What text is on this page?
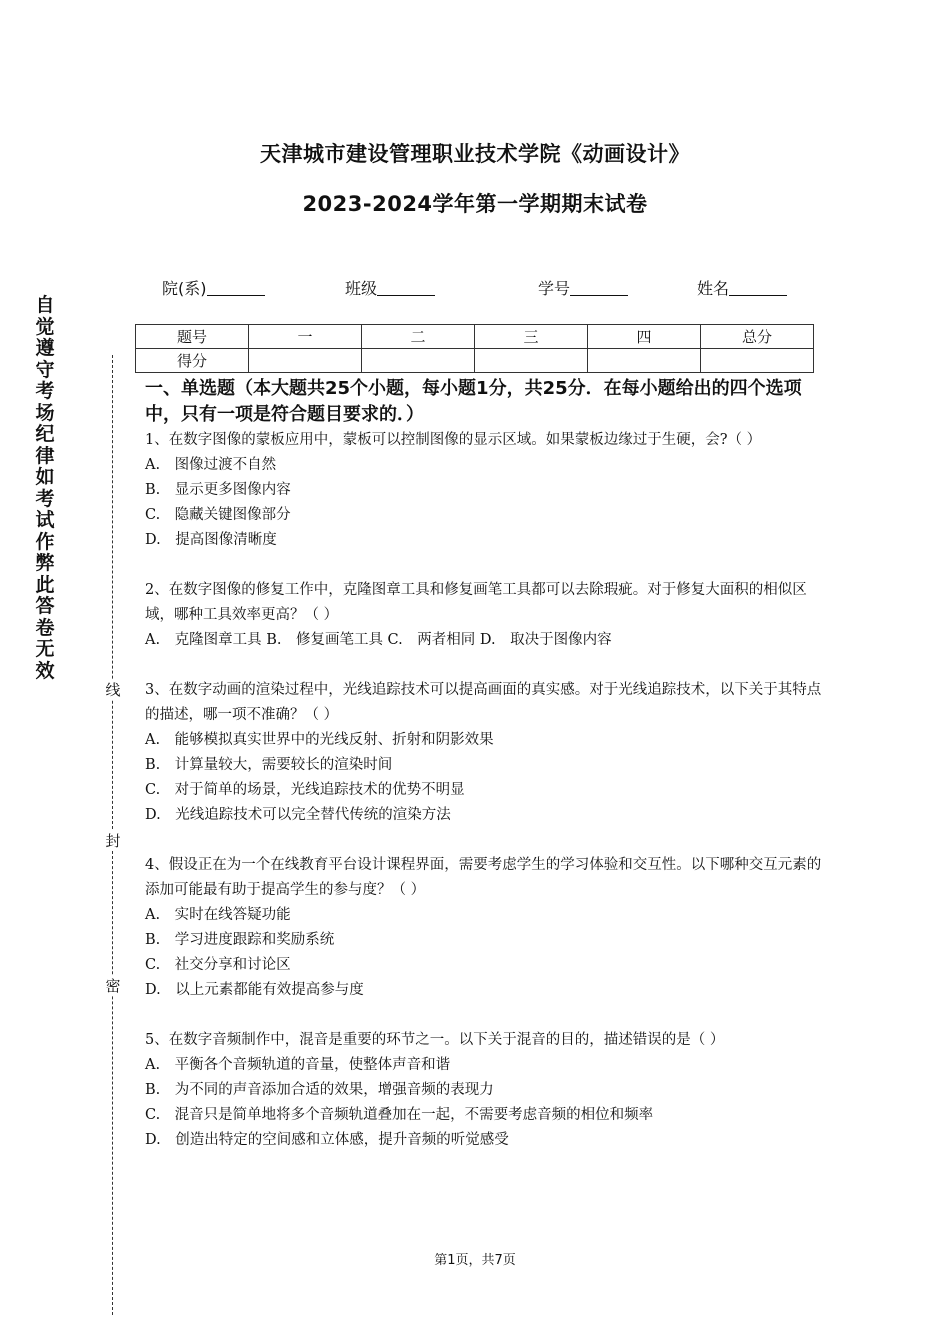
天津城市建设管理职业技术学院《动画设计》
2023-2024学年第一学期期末试卷
院(系)	班级	学号	姓名
题号	一	二	三	四	总分
得分					
自觉遵守考场纪律如考试作弊此答卷无效
线
封
密

一、单选题（本大题共25个小题，每小题1分，共25分．在每小题给出的四个选项中，只有一项是符合题目要求的．）

1、在数字图像的蒙板应用中，蒙板可以控制图像的显示区域。如果蒙板边缘过于生硬，会?（ ）

A.　图像过渡不自然

B.　显示更多图像内容

C.　隐藏关键图像部分

D.　提高图像清晰度

2、在数字图像的修复工作中，克隆图章工具和修复画笔工具都可以去除瑕疵。对于修复大面积的相似区域，哪种工具效率更高？（ ）

A.　克隆图章工具 B.　修复画笔工具 C.　两者相同 D.　取决于图像内容

3、在数字动画的渲染过程中，光线追踪技术可以提高画面的真实感。对于光线追踪技术，以下关于其特点的描述，哪一项不准确？（ ）

A.　能够模拟真实世界中的光线反射、折射和阴影效果

B.　计算量较大，需要较长的渲染时间

C.　对于简单的场景，光线追踪技术的优势不明显

D.　光线追踪技术可以完全替代传统的渲染方法

4、假设正在为一个在线教育平台设计课程界面，需要考虑学生的学习体验和交互性。以下哪种交互元素的添加可能最有助于提高学生的参与度？（ ）

A.　实时在线答疑功能

B.　学习进度跟踪和奖励系统

C.　社交分享和讨论区

D.　以上元素都能有效提高参与度

5、在数字音频制作中，混音是重要的环节之一。以下关于混音的目的，描述错误的是（ ）

A.　平衡各个音频轨道的音量，使整体声音和谐

B.　为不同的声音添加合适的效果，增强音频的表现力

C.　混音只是简单地将多个音频轨道叠加在一起，不需要考虑音频的相位和频率

D.　创造出特定的空间感和立体感，提升音频的听觉感受

第1页，共7页
